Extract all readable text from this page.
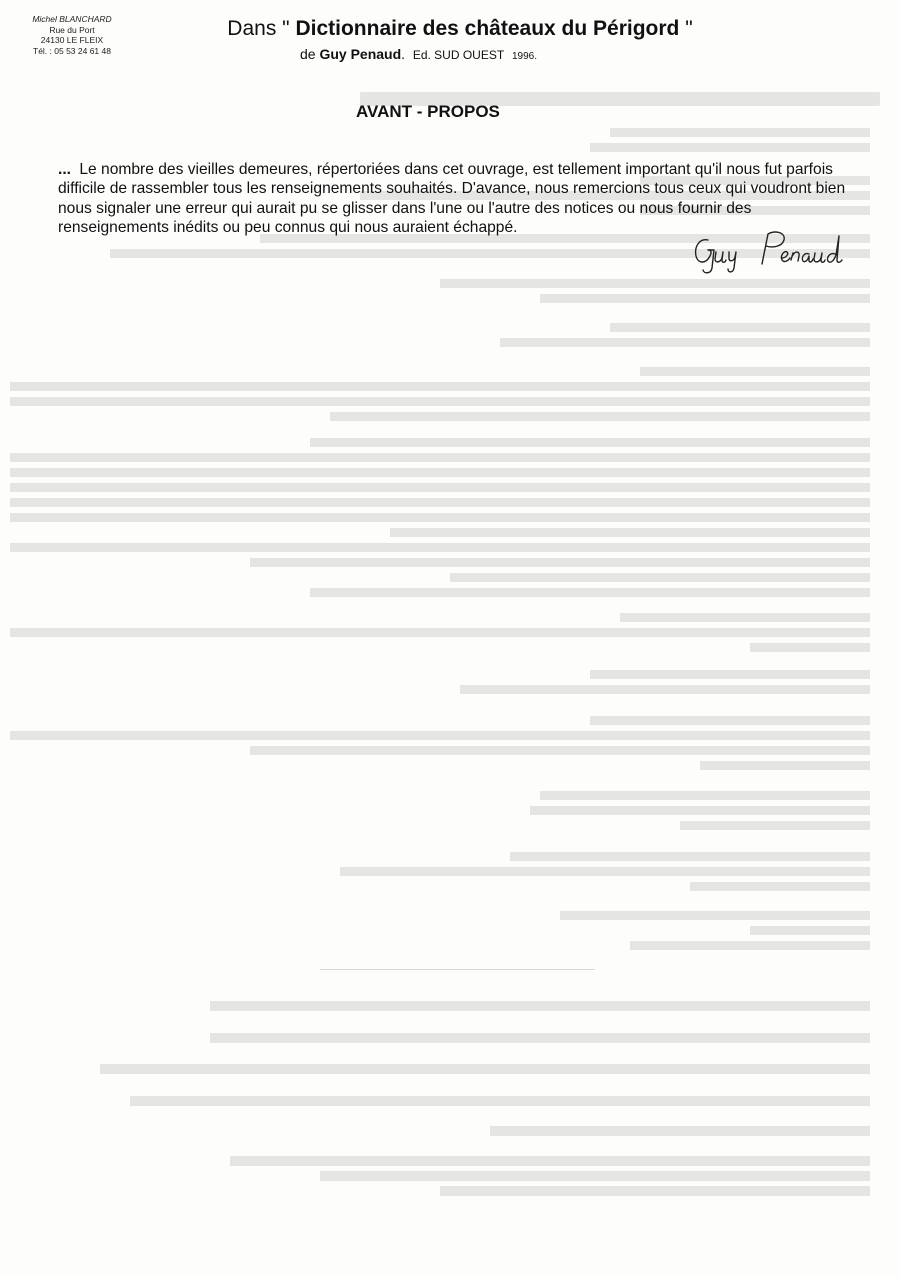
Michel BLANCHARD
Rue du Port
24130 LE FLEIX
Tél. : 05 53 24 61 48
Dans " Dictionnaire des châteaux du Périgord "
de Guy Penaud.  Ed. SUD OUEST 1996.
AVANT - PROPOS
... Le nombre des vieilles demeures, répertoriées dans cet ouvrage, est tellement important qu'il nous fut parfois difficile de rassembler tous les renseignements souhaités. D'avance, nous remercions tous ceux qui voudront bien nous signaler une erreur qui aurait pu se glisser dans l'une ou l'autre des notices ou nous fournir des renseignements inédits ou peu connus qui nous auraient échappé.
